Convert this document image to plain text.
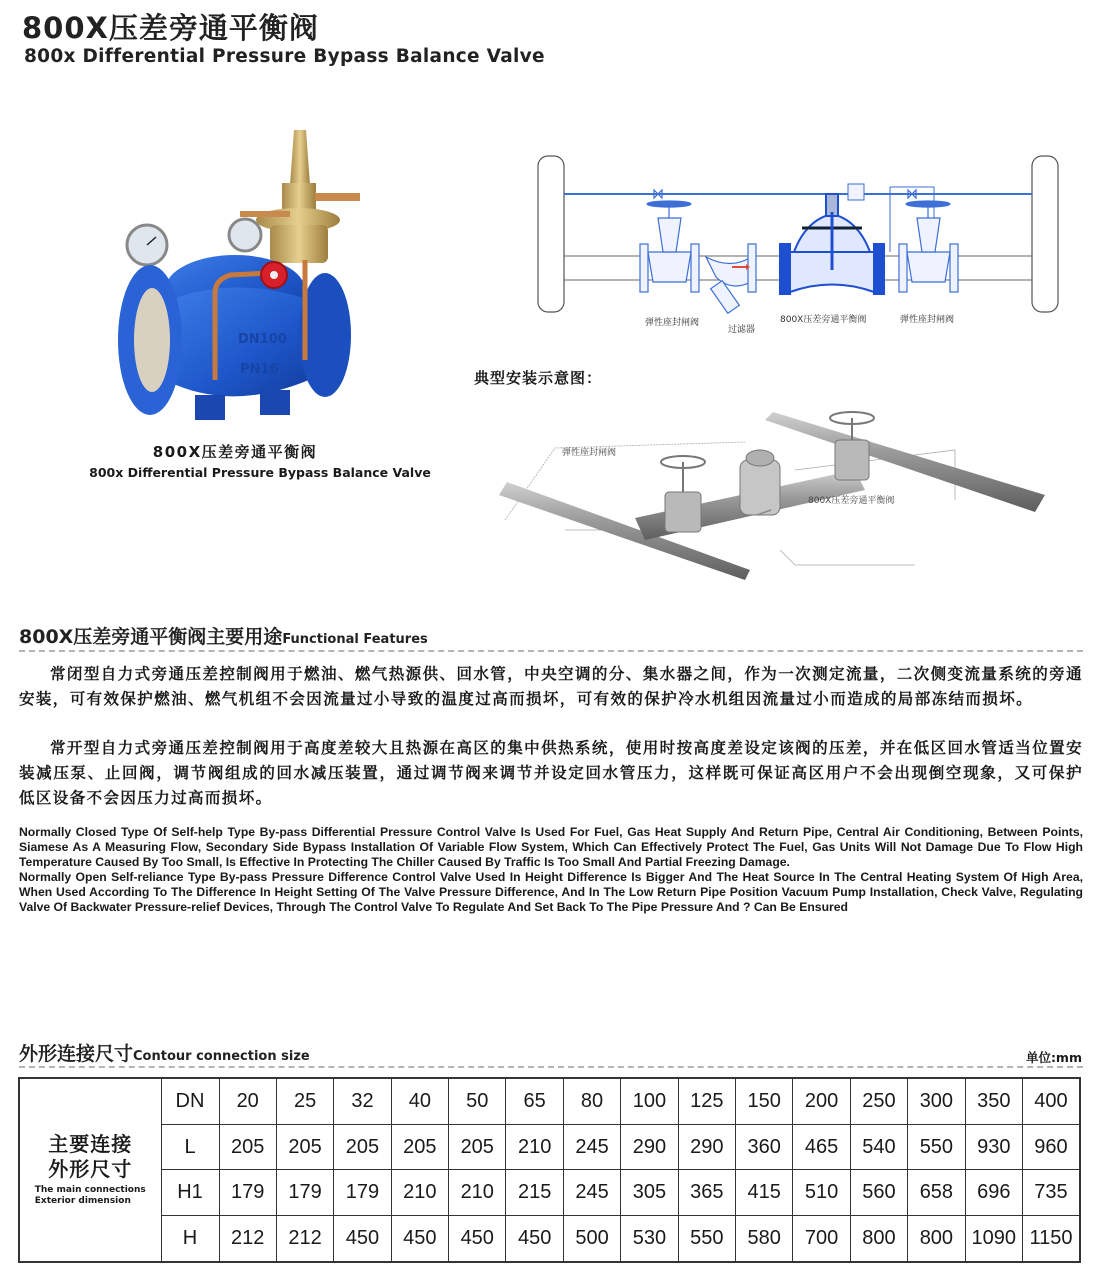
800X压差旁通平衡阀
800x Differential Pressure Bypass Balance Valve
DN100
PN16
800X压差旁通平衡阀
800x Differential Pressure Bypass Balance Valve
弹性座封闸阀
过滤器
800X压差旁通平衡阀	弹性座封闸阀
典型安装示意图：
弹性座封闸阀
800X压差旁通平衡阀
800X压差旁通平衡阀主要用途Functional Features
常闭型自力式旁通压差控制阀用于燃油、燃气热源供、回水管，中央空调的分、集水器之间，作为一次测定流量，二次侧变流量系统的旁通安装，可有效保护燃油、燃气机组不会因流量过小导致的温度过高而损坏，可有效的保护冷水机组因流量过小而造成的局部冻结而损坏。
常开型自力式旁通压差控制阀用于高度差较大且热源在高区的集中供热系统，使用时按高度差设定该阀的压差，并在低区回水管适当位置安装减压泵、止回阀，调节阀组成的回水减压装置，通过调节阀来调节并设定回水管压力，这样既可保证高区用户不会出现倒空现象，又可保护低区设备不会因压力过高而损坏。

Normally Closed Type Of Self-help Type By-pass Differential Pressure Control Valve Is Used For Fuel, Gas Heat Supply And Return Pipe, Central Air Conditioning, Between Points, Siamese As A Measuring Flow, Secondary Side Bypass Installation Of Variable Flow System, Which Can Effectively Protect The Fuel, Gas Units Will Not Damage Due To Flow High Temperature Caused By Too Small, Is Effective In Protecting The Chiller Caused By Traffic Is Too Small And Partial Freezing Damage.

Normally Open Self-reliance Type By-pass Pressure Difference Control Valve Used In Height Difference Is Bigger And The Heat Source In The Central Heating System Of High Area, When Used According To The Difference In Height Setting Of The Valve Pressure Difference, And In The Low Return Pipe Position Vacuum Pump Installation, Check Valve, Regulating Valve Of Backwater Pressure-relief Devices, Through The Control Valve To Regulate And Set Back To The Pipe Pressure And ? Can Be Ensured

外形连接尺寸Contour connection size	单位:mm
主要连接
外形尺寸
The main connections
Exterior dimension	DN	20	25	32	40	50	65	80	100	125	150	200	250	300	350	400
	L	205	205	205	205	205	210	245	290	290	360	465	540	550	930	960
	H1	179	179	179	210	210	215	245	305	365	415	510	560	658	696	735
	H	212	212	450	450	450	450	500	530	550	580	700	800	800	1090	1150
